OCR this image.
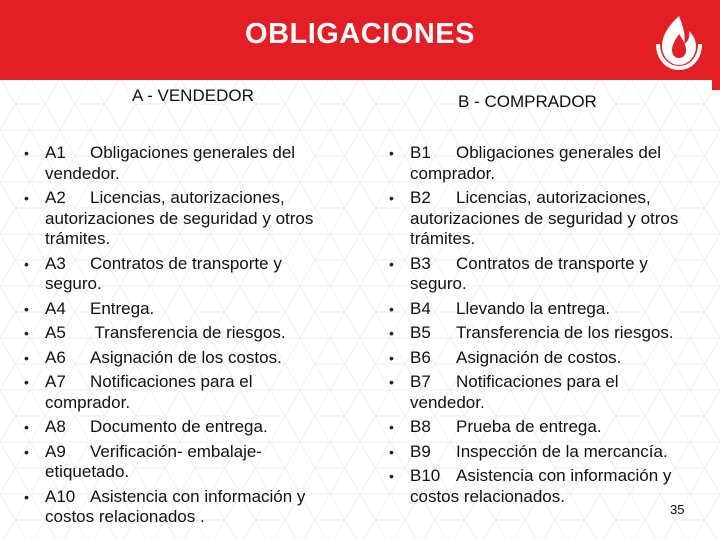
OBLIGACIONES
A - VENDEDOR	B - COMPRADOR
• A1 Obligaciones generales del vendedor.
• A2 Licencias, autorizaciones, autorizaciones de seguridad y otros trámites.
• A3 Contratos de transporte y seguro.
• A4 Entrega.
• A5 Transferencia de riesgos.
• A6 Asignación de los costos.
• A7 Notificaciones para el comprador.
• A8 Documento de entrega.
• A9 Verificación- embalaje- etiquetado.
• A10 Asistencia con información y costos relacionados .
• B1 Obligaciones generales del comprador.
• B2 Licencias, autorizaciones, autorizaciones de seguridad y otros trámites.
• B3 Contratos de transporte y seguro.
• B4 Llevando la entrega.
• B5 Transferencia de los riesgos.
• B6 Asignación de costos.
• B7 Notificaciones para el vendedor.
• B8 Prueba de entrega.
• B9 Inspección de la mercancía.
• B10 Asistencia con información y costos relacionados.
35
